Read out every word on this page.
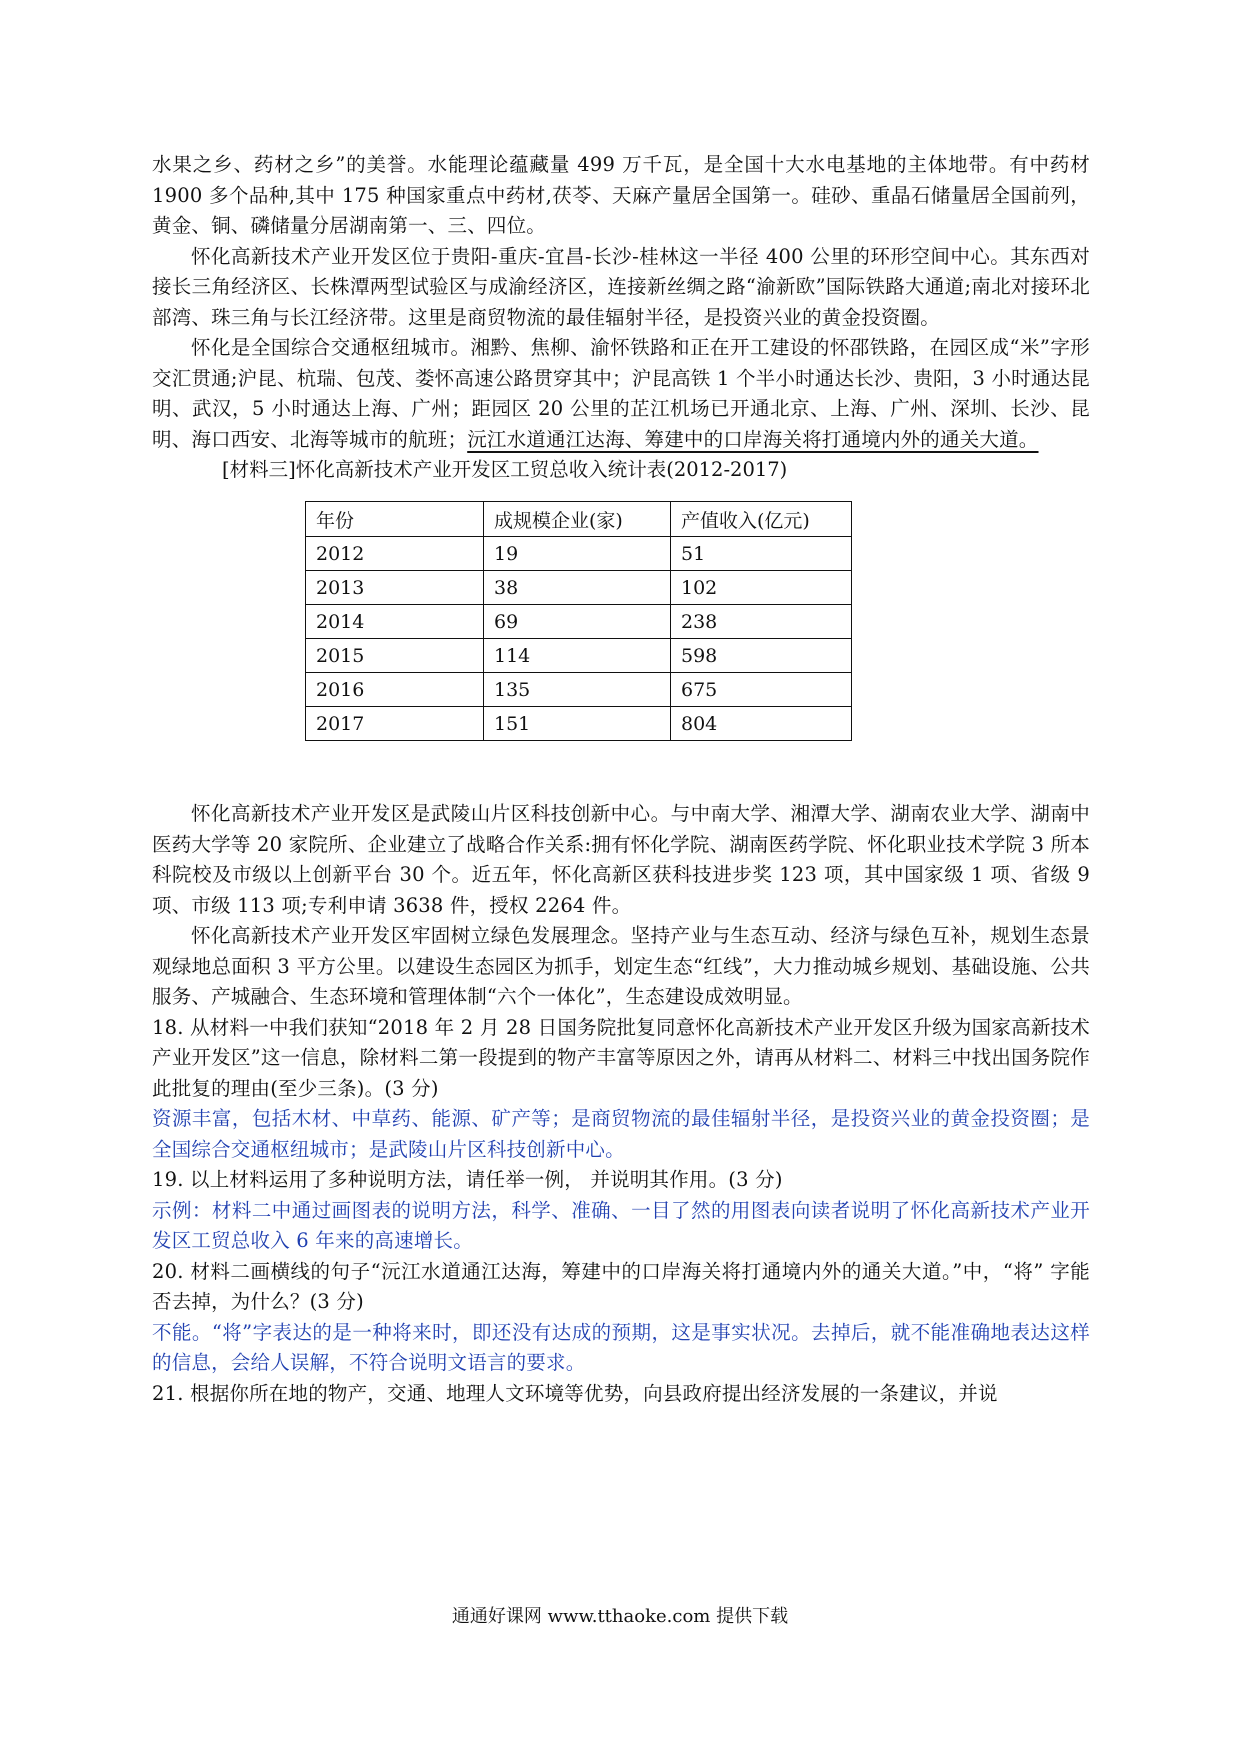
水果之乡、药材之乡”的美誉。水能理论蕴藏量 499 万千瓦，是全国十大水电基地的主体地带。有中药材 1900 多个品种,其中 175 种国家重点中药材,茯苓、天麻产量居全国第一。硅砂、重晶石储量居全国前列，黄金、铜、磷储量分居湖南第一、三、四位。

怀化高新技术产业开发区位于贵阳-重庆-宜昌-长沙-桂林这一半径 400 公里的环形空间中心。其东西对接长三角经济区、长株潭两型试验区与成渝经济区，连接新丝绸之路“渝新欧”国际铁路大通道;南北对接环北部湾、珠三角与长江经济带。这里是商贸物流的最佳辐射半径，是投资兴业的黄金投资圈。

怀化是全国综合交通枢纽城市。湘黔、焦柳、渝怀铁路和正在开工建设的怀邵铁路，在园区成“米”字形交汇贯通;沪昆、杭瑞、包茂、娄怀高速公路贯穿其中；沪昆高铁 1 个半小时通达长沙、贵阳，3 小时通达昆明、武汉，5 小时通达上海、广州；距园区 20 公里的芷江机场已开通北京、上海、广州、深圳、长沙、昆明、海口西安、北海等城市的航班；沅江水道通江达海、筹建中的口岸海关将打通境内外的通关大道。

[材料三]怀化高新技术产业开发区工贸总收入统计表(2012-2017)

年份	成规模企业(家)	产值收入(亿元)
2012	19	51
2013	38	102
2014	69	238
2015	114	598
2016	135	675
2017	151	804

怀化高新技术产业开发区是武陵山片区科技创新中心。与中南大学、湘潭大学、湖南农业大学、湖南中医药大学等 20 家院所、企业建立了战略合作关系:拥有怀化学院、湖南医药学院、怀化职业技术学院 3 所本科院校及市级以上创新平台 30 个。近五年，怀化高新区获科技进步奖 123 项，其中国家级 1 项、省级 9 项、市级 113 项;专利申请 3638 件，授权 2264 件。

怀化高新技术产业开发区牢固树立绿色发展理念。坚持产业与生态互动、经济与绿色互补，规划生态景观绿地总面积 3 平方公里。以建设生态园区为抓手，划定生态“红线”，大力推动城乡规划、基础设施、公共服务、产城融合、生态环境和管理体制“六个一体化”，生态建设成效明显。

18. 从材料一中我们获知“2018 年 2 月 28 日国务院批复同意怀化高新技术产业开发区升级为国家高新技术产业开发区”这一信息，除材料二第一段提到的物产丰富等原因之外，请再从材料二、材料三中找出国务院作此批复的理由(至少三条)。(3 分)

资源丰富，包括木材、中草药、能源、矿产等；是商贸物流的最佳辐射半径，是投资兴业的黄金投资圈；是全国综合交通枢纽城市；是武陵山片区科技创新中心。

19. 以上材料运用了多种说明方法，请任举一例， 并说明其作用。(3 分)

示例：材料二中通过画图表的说明方法，科学、准确、一目了然的用图表向读者说明了怀化高新技术产业开发区工贸总收入 6 年来的高速增长。

20. 材料二画横线的句子“沅江水道通江达海，筹建中的口岸海关将打通境内外的通关大道。”中，“将” 字能否去掉，为什么？(3 分)

不能。“将”字表达的是一种将来时，即还没有达成的预期，这是事实状况。去掉后，就不能准确地表达这样的信息，会给人误解，不符合说明文语言的要求。

21. 根据你所在地的物产，交通、地理人文环境等优势，向县政府提出经济发展的一条建议，并说

通通好课网 www.tthaoke.com 提供下载
